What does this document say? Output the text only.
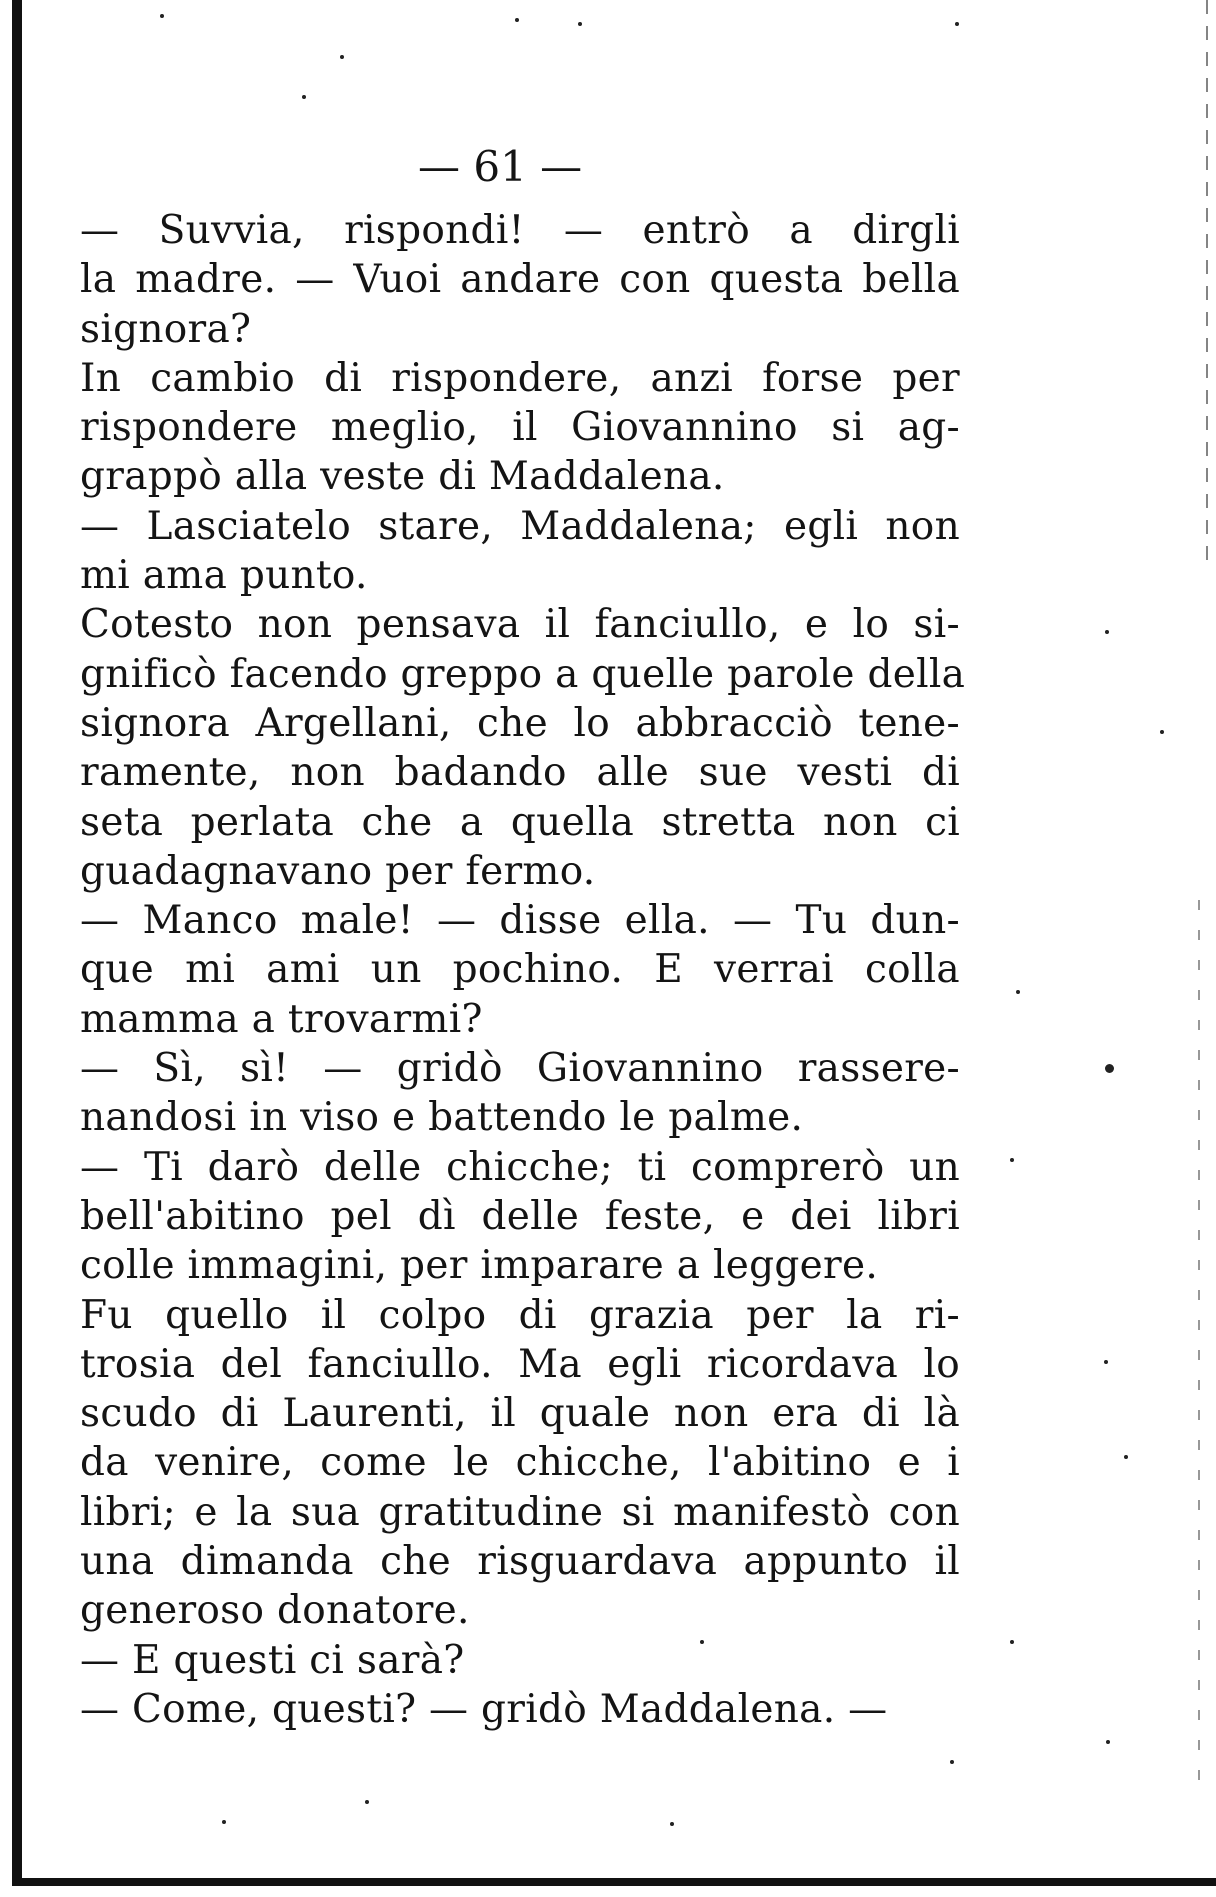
— 61 —
— Suvvia, rispondi! — entrò a dirgli
la madre. — Vuoi andare con questa bella
signora?
In cambio di rispondere, anzi forse per
rispondere meglio, il Giovannino si ag-
grappò alla veste di Maddalena.
— Lasciatelo stare, Maddalena; egli non
mi ama punto.
Cotesto non pensava il fanciullo, e lo si-
gnificò facendo greppo a quelle parole della
signora Argellani, che lo abbracciò tene-
ramente, non badando alle sue vesti di
seta perlata che a quella stretta non ci
guadagnavano per fermo.
— Manco male! — disse ella. — Tu dun-
que mi ami un pochino. E verrai colla
mamma a trovarmi?
— Sì, sì! — gridò Giovannino rassere-
nandosi in viso e battendo le palme.
— Ti darò delle chicche; ti comprerò un
bell'abitino pel dì delle feste, e dei libri
colle immagini, per imparare a leggere.
Fu quello il colpo di grazia per la ri-
trosia del fanciullo. Ma egli ricordava lo
scudo di Laurenti, il quale non era di là
da venire, come le chicche, l'abitino e i
libri; e la sua gratitudine si manifestò con
una dimanda che risguardava appunto il
generoso donatore.
— E questi ci sarà?
— Come, questi? — gridò Maddalena. —
